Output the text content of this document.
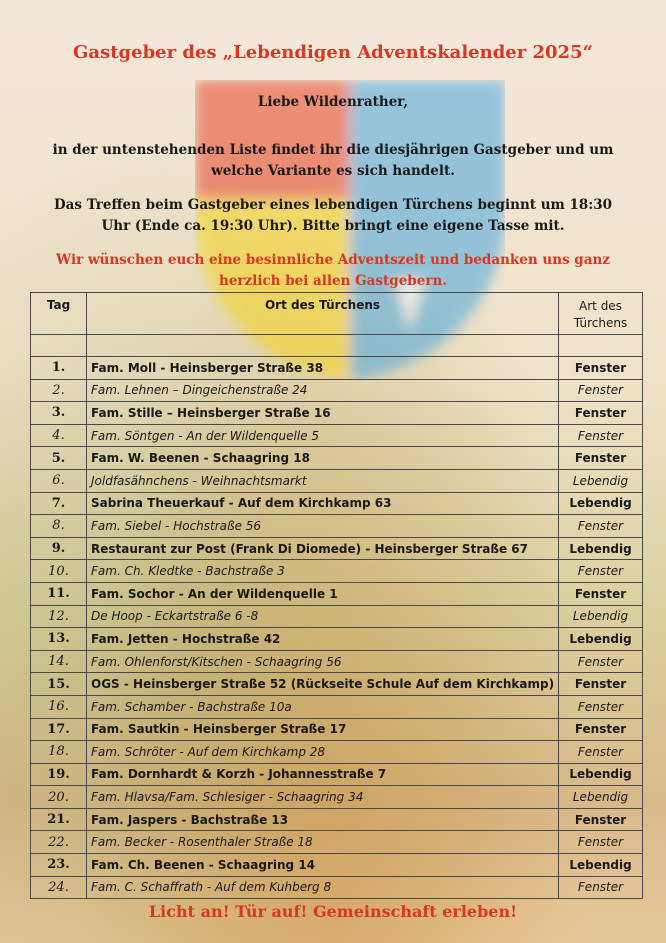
Gastgeber des „Lebendigen Adventskalender 2025“
Liebe Wildenrather,
in der untenstehenden Liste findet ihr die diesjährigen Gastgeber und um
welche Variante es sich handelt.
Das Treffen beim Gastgeber eines lebendigen Türchens beginnt um 18:30
Uhr (Ende ca. 19:30 Uhr). Bitte bringt eine eigene Tasse mit.
Wir wünschen euch eine besinnliche Adventszeit und bedanken uns ganz
herzlich bei allen Gastgebern.
Tag	Ort des Türchens	Art des
Türchens

1.	Fam. Moll - Heinsberger Straße 38	Fenster
2.	Fam. Lehnen – Dingeichenstraße 24	Fenster
3.	Fam. Stille – Heinsberger Straße 16	Fenster
4.	Fam. Söntgen - An der Wildenquelle 5	Fenster
5.	Fam. W. Beenen - Schaagring 18	Fenster
6.	Joldfasähnchens - Weihnachtsmarkt	Lebendig
7.	Sabrina Theuerkauf - Auf dem Kirchkamp 63	Lebendig
8.	Fam. Siebel - Hochstraße 56	Fenster
9.	Restaurant zur Post (Frank Di Diomede) - Heinsberger Straße 67	Lebendig
10.	Fam. Ch. Kledtke - Bachstraße 3	Fenster
11.	Fam. Sochor - An der Wildenquelle 1	Fenster
12.	De Hoop - Eckartstraße 6 -8	Lebendig
13.	Fam. Jetten - Hochstraße 42	Lebendig
14.	Fam. Ohlenforst/Kitschen - Schaagring 56	Fenster
15.	OGS - Heinsberger Straße 52 (Rückseite Schule Auf dem Kirchkamp)	Fenster
16.	Fam. Schamber - Bachstraße 10a	Fenster
17.	Fam. Sautkin - Heinsberger Straße 17	Fenster
18.	Fam. Schröter - Auf dem Kirchkamp 28	Fenster
19.	Fam. Dornhardt & Korzh - Johannesstraße 7	Lebendig
20.	Fam. Hlavsa/Fam. Schlesiger - Schaagring 34	Lebendig
21.	Fam. Jaspers - Bachstraße 13	Fenster
22.	Fam. Becker - Rosenthaler Straße 18	Fenster
23.	Fam. Ch. Beenen - Schaagring 14	Lebendig
24.	Fam. C. Schaffrath - Auf dem Kuhberg 8	Fenster
Licht an! Tür auf! Gemeinschaft erleben!
